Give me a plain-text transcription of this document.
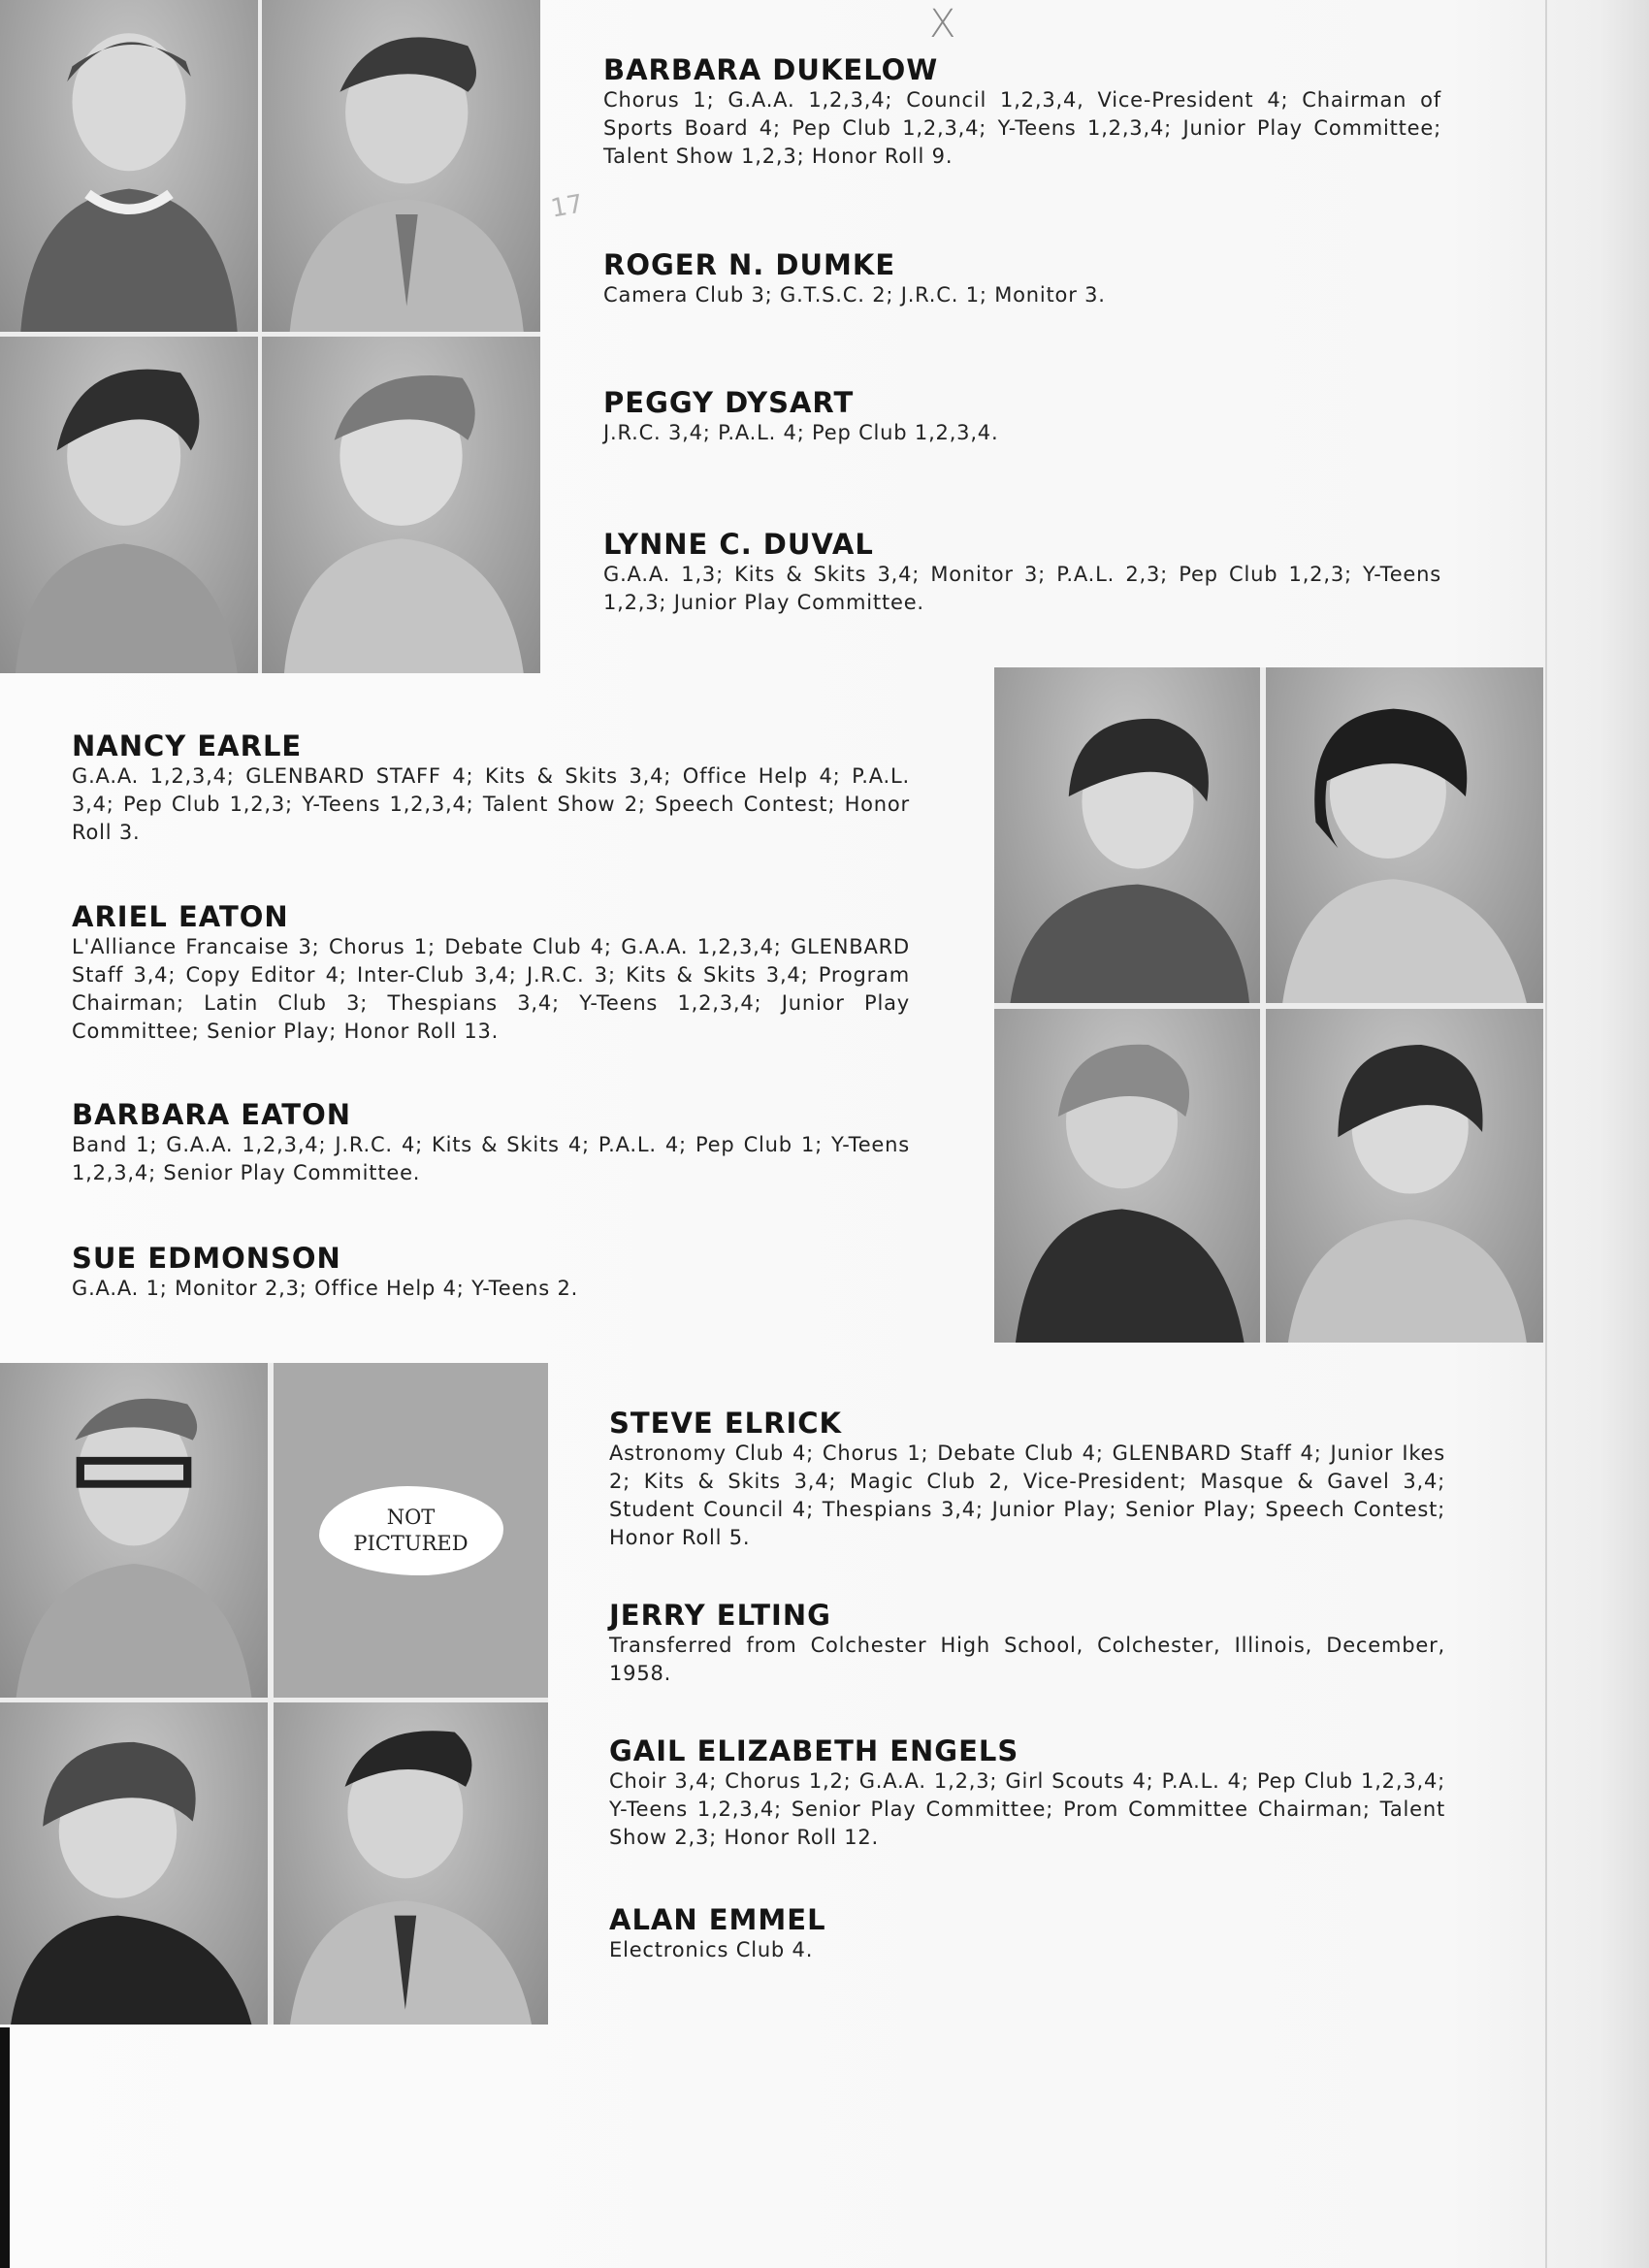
X
17
NOT
PICTURED
BARBARA DUKELOW
Chorus 1; G.A.A. 1,2,3,4; Council 1,2,3,4, Vice-President 4; Chairman of Sports Board 4; Pep Club 1,2,3,4; Y-Teens 1,2,3,4; Junior Play Committee; Talent Show 1,2,3; Honor Roll 9.
ROGER N. DUMKE
Camera Club 3; G.T.S.C. 2; J.R.C. 1; Monitor 3.
PEGGY DYSART
J.R.C. 3,4; P.A.L. 4; Pep Club 1,2,3,4.
LYNNE C. DUVAL
G.A.A. 1,3; Kits & Skits 3,4; Monitor 3; P.A.L. 2,3; Pep Club 1,2,3; Y-Teens 1,2,3; Junior Play Committee.
NANCY EARLE
G.A.A. 1,2,3,4; GLENBARD STAFF 4; Kits & Skits 3,4; Office Help 4; P.A.L. 3,4; Pep Club 1,2,3; Y-Teens 1,2,3,4; Talent Show 2; Speech Contest; Honor Roll 3.
ARIEL EATON
L'Alliance Francaise 3; Chorus 1; Debate Club 4; G.A.A. 1,2,3,4; GLENBARD Staff 3,4; Copy Editor 4; Inter-Club 3,4; J.R.C. 3; Kits & Skits 3,4; Program Chairman; Latin Club 3; Thespians 3,4; Y-Teens 1,2,3,4; Junior Play Committee; Senior Play; Honor Roll 13.
BARBARA EATON
Band 1; G.A.A. 1,2,3,4; J.R.C. 4; Kits & Skits 4; P.A.L. 4; Pep Club 1; Y-Teens 1,2,3,4; Senior Play Committee.
SUE EDMONSON
G.A.A. 1; Monitor 2,3; Office Help 4; Y-Teens 2.
STEVE ELRICK
Astronomy Club 4; Chorus 1; Debate Club 4; GLENBARD Staff 4; Junior Ikes 2; Kits & Skits 3,4; Magic Club 2, Vice-President; Masque & Gavel 3,4; Student Council 4; Thespians 3,4; Junior Play; Senior Play; Speech Contest; Honor Roll 5.
JERRY ELTING
Transferred from Colchester High School, Colchester, Illinois, December, 1958.
GAIL ELIZABETH ENGELS
Choir 3,4; Chorus 1,2; G.A.A. 1,2,3; Girl Scouts 4; P.A.L. 4; Pep Club 1,2,3,4; Y-Teens 1,2,3,4; Senior Play Committee; Prom Committee Chairman; Talent Show 2,3; Honor Roll 12.
ALAN EMMEL
Electronics Club 4.
